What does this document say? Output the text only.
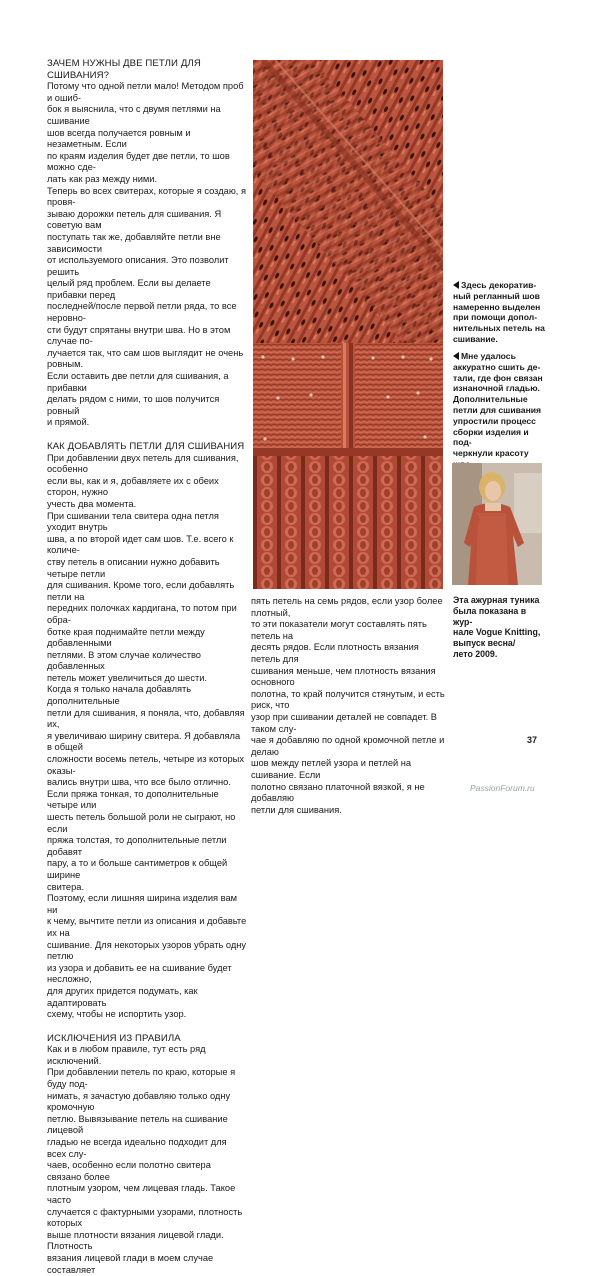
ЗАЧЕМ НУЖНЫ ДВЕ ПЕТЛИ ДЛЯ СШИВАНИЯ?

Потому что одной петли мало! Методом проб и ошиб-

бок я выяснила, что с двумя петлями на сшивание

шов всегда получается ровным и незаметным. Если

по краям изделия будет две петли, то шов можно сде-

лать как раз между ними.

Теперь во всех свитерах, которые я создаю, я провя-

зываю дорожки петель для сшивания. Я советую вам

поступать так же, добавляйте петли вне зависимости

от используемого описания. Это позволит решить

целый ряд проблем. Если вы делаете прибавки перед

последней/после первой петли ряда, то все неровно-

сти будут спрятаны внутри шва. Но в этом случае по-

лучается так, что сам шов выглядит не очень ровным.

Если оставить две петли для сшивания, а прибавки

делать рядом с ними, то шов получится ровный

и прямой.

КАК ДОБАВЛЯТЬ ПЕТЛИ ДЛЯ СШИВАНИЯ

При добавлении двух петель для сшивания, особенно

если вы, как и я, добавляете их с обеих сторон, нужно

учесть два момента.

При сшивании тела свитера одна петля уходит внутрь

шва, а по второй идет сам шов. Т.е. всего к количе-

ству петель в описании нужно добавить четыре петли

для сшивания. Кроме того, если добавлять петли на

передних полочках кардигана, то потом при обра-

ботке края поднимайте петли между добавленными

петлями. В этом случае количество добавленных

петель может увеличиться до шести.

Когда я только начала добавлять дополнительные

петли для сшивания, я поняла, что, добавляя их,

я увеличиваю ширину свитера. Я добавляла в общей

сложности восемь петель, четыре из которых оказы-

вались внутри шва, что все было отлично.

Если пряжа тонкая, то дополнительные четыре или

шесть петель большой роли не сыграют, но если

пряжа толстая, то дополнительные петли добавят

пару, а то и больше сантиметров к общей ширине

свитера.

Поэтому, если лишняя ширина изделия вам ни

к чему, вычтите петли из описания и добавьте их на

сшивание. Для некоторых узоров убрать одну петлю

из узора и добавить ее на сшивание будет несложно,

для других придется подумать, как адаптировать

схему, чтобы не испортить узор.

ИСКЛЮЧЕНИЯ ИЗ ПРАВИЛА

Как и в любом правиле, тут есть ряд исключений.

При добавлении петель по краю, которые я буду под-

нимать, я зачастую добавляю только одну кромочную

петлю. Вывязывание петель на сшивание лицевой

гладью не всегда идеально подходит для всех слу-

чаев, особенно если полотно свитера связано более

плотным узором, чем лицевая гладь. Такое часто

случается с фактурными узорами, плотность которых

выше плотности вязания лицевой глади. Плотность

вязания лицевой глади в моем случае составляет

Здесь декоратив-

ный регланный шов

намеренно выделен

при помощи допол-

нительных петель на

сшивание.

Мне удалось

аккуратно сшить де-

тали, где фон связан

изнаночной гладью.

Дополнительные

петли для сшивания

упростили процесс

сборки изделия и под-

черкнули красоту

Эта ажурная туника

была показана в жур-

нале Vogue Knitting,

выпуск весна/

лето 2009.

пять петель на семь рядов, если узор более плотный,

то эти показатели могут составлять пять петель на

десять рядов. Если плотность вязания петель для

сшивания меньше, чем плотность вязания основного

полотна, то край получится стянутым, и есть риск, что

узор при сшивании деталей не совпадет. В таком слу-

чае я добавляю по одной кромочной петле и делаю

шов между петлей узора и петлей на сшивание. Если

полотно связано платочной вязкой, я не добавляю

петли для сшивания.

37
PassionForum.ru
